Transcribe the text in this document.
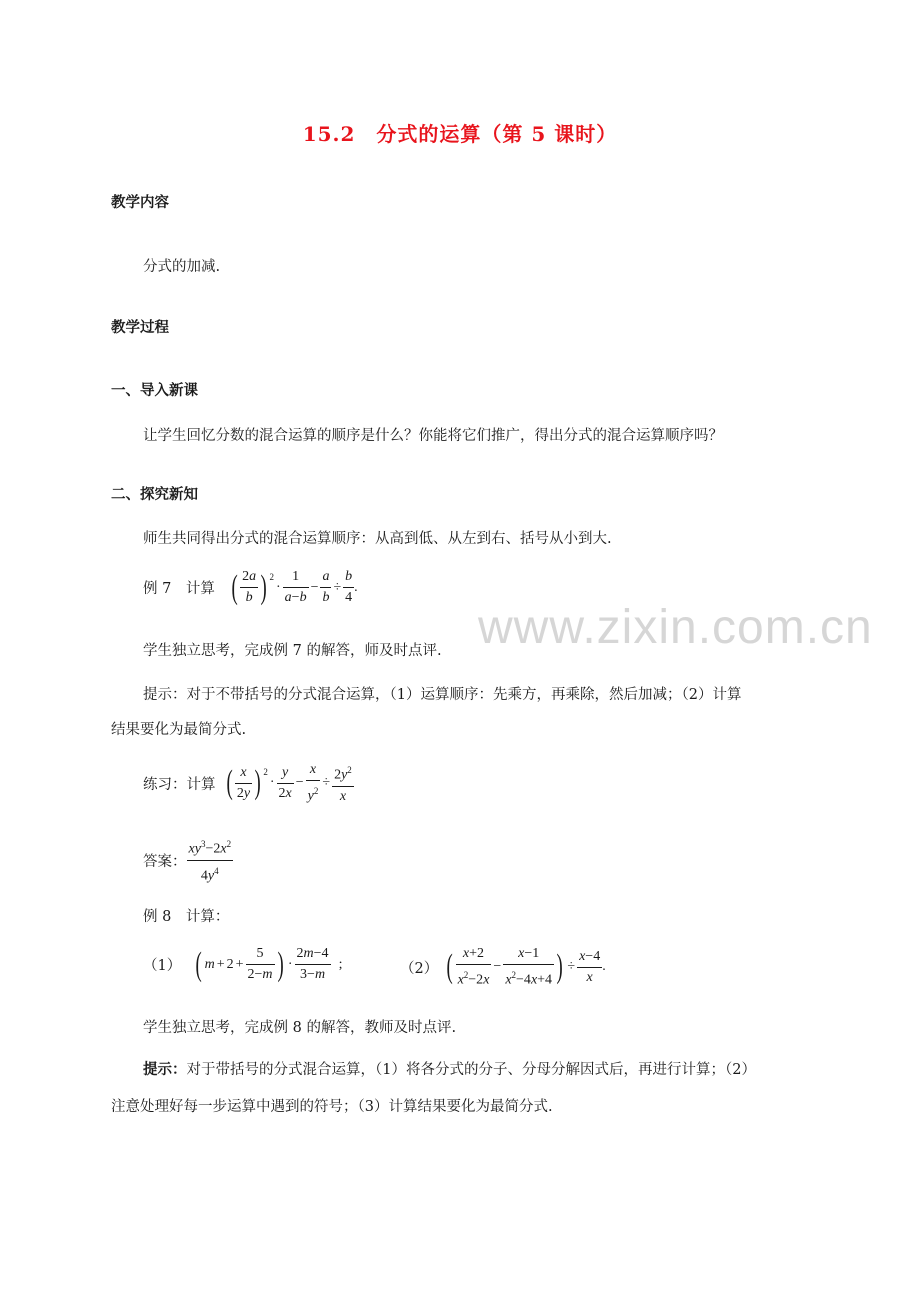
15.2　分式的运算（第 5 课时）
教学内容
分式的加减.
教学过程
一、导入新课
让学生回忆分数的混合运算的顺序是什么？你能将它们推广，得出分式的混合运算顺序吗？
二、探究新知
师生共同得出分式的混合运算顺序：从高到低、从左到右、括号从小到大.
www.zixin.com.cn
例 7　计算 ( $\frac{2a}{b}$ ) $^2$
· $\frac{1}{a-b} - \frac{a}{b} \div \frac{b}{4}$ .
学生独立思考，完成例 7 的解答，师及时点评.
提示：对于不带括号的分式混合运算，（1）运算顺序：先乘方，再乘除，然后加减；（2）计算
结果要化为最简分式.
练习：计算 ( $\frac{x}{2y}$ ) $^2$
· $\frac{y}{2x} - \frac{x}{y^2} \div \frac{2y^2}{x}$
答案： $\frac{xy^3-2x^2}{4y^4}$
例 8　计算：
（1） ( $m + 2 + \frac{5}{2-m}$ ) · $\frac{2m-4}{3-m}$ ;	（2） ( $\frac{x+2}{x^2-2x} - \frac{x-1}{x^2-4x+4}$ ) ÷ $\frac{x-4}{x}$ .
学生独立思考，完成例 8 的解答，教师及时点评.
提示：对于带括号的分式混合运算，（1）将各分式的分子、分母分解因式后，再进行计算；（2）
注意处理好每一步运算中遇到的符号；（3）计算结果要化为最简分式.
